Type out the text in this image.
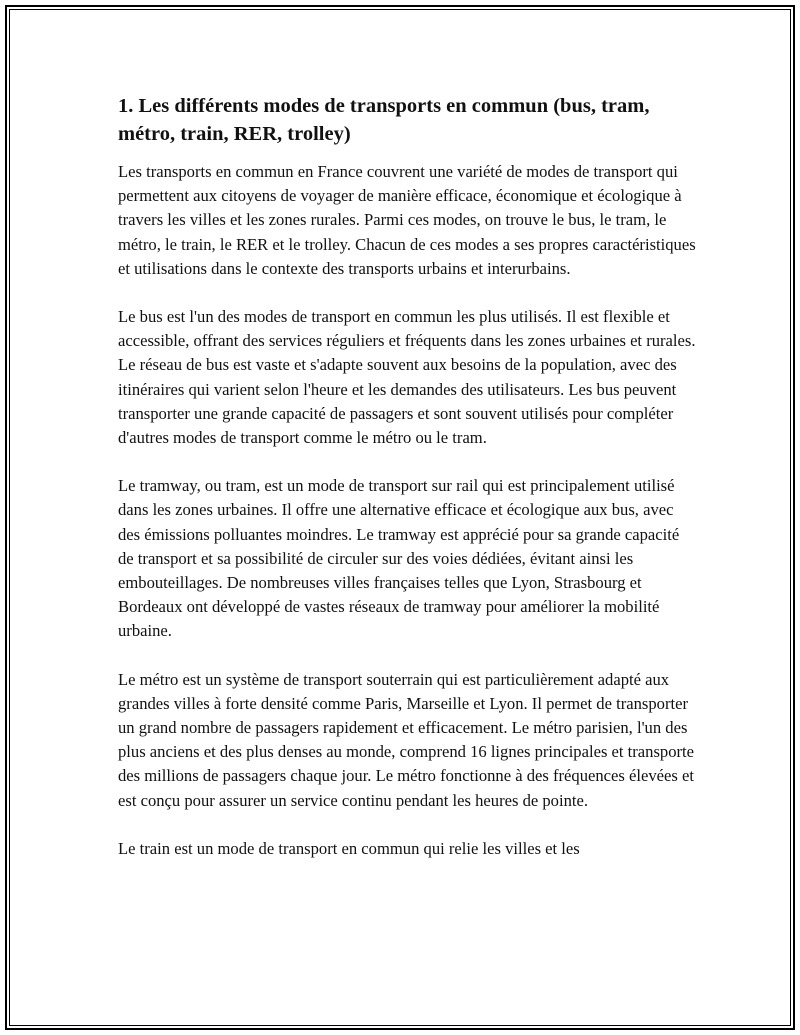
1. Les différents modes de transports en commun (bus, tram, métro, train, RER, trolley)

Les transports en commun en France couvrent une variété de modes de transport qui permettent aux citoyens de voyager de manière efficace, économique et écologique à travers les villes et les zones rurales. Parmi ces modes, on trouve le bus, le tram, le métro, le train, le RER et le trolley. Chacun de ces modes a ses propres caractéristiques et utilisations dans le contexte des transports urbains et interurbains.

Le bus est l'un des modes de transport en commun les plus utilisés. Il est flexible et accessible, offrant des services réguliers et fréquents dans les zones urbaines et rurales. Le réseau de bus est vaste et s'adapte souvent aux besoins de la population, avec des itinéraires qui varient selon l'heure et les demandes des utilisateurs. Les bus peuvent transporter une grande capacité de passagers et sont souvent utilisés pour compléter d'autres modes de transport comme le métro ou le tram.

Le tramway, ou tram, est un mode de transport sur rail qui est principalement utilisé dans les zones urbaines. Il offre une alternative efficace et écologique aux bus, avec des émissions polluantes moindres. Le tramway est apprécié pour sa grande capacité de transport et sa possibilité de circuler sur des voies dédiées, évitant ainsi les embouteillages. De nombreuses villes françaises telles que Lyon, Strasbourg et Bordeaux ont développé de vastes réseaux de tramway pour améliorer la mobilité urbaine.

Le métro est un système de transport souterrain qui est particulièrement adapté aux grandes villes à forte densité comme Paris, Marseille et Lyon. Il permet de transporter un grand nombre de passagers rapidement et efficacement. Le métro parisien, l'un des plus anciens et des plus denses au monde, comprend 16 lignes principales et transporte des millions de passagers chaque jour. Le métro fonctionne à des fréquences élevées et est conçu pour assurer un service continu pendant les heures de pointe.

Le train est un mode de transport en commun qui relie les villes et les
